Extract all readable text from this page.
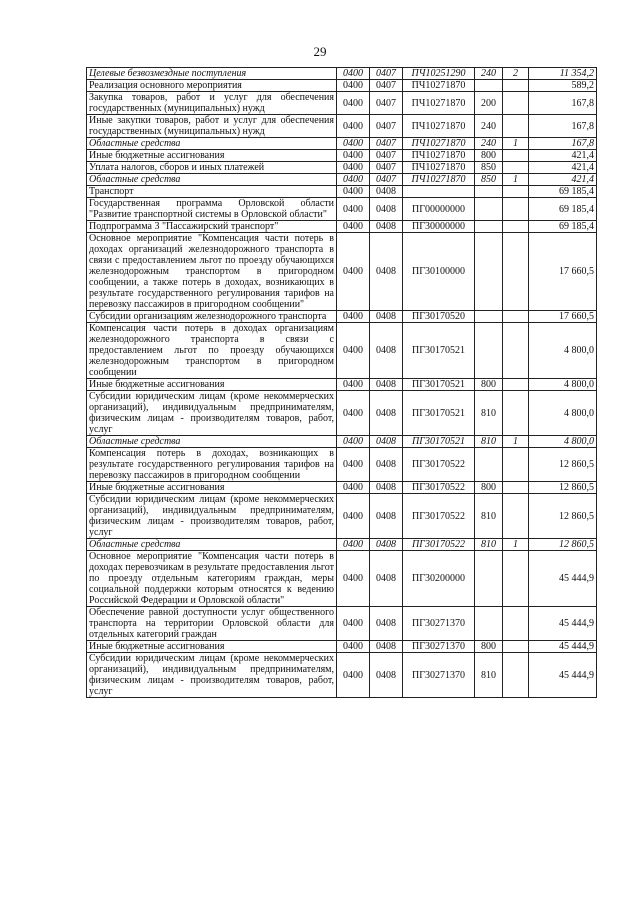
29
Целевые безвозмездные поступления	0400	0407	ПЧ10251290	240	2	11 354,2
Реализация основного мероприятия	0400	0407	ПЧ10271870			589,2
Закупка товаров, работ и услуг для обеспечения государственных (муниципальных) нужд	0400	0407	ПЧ10271870	200		167,8
Иные закупки товаров, работ и услуг для обеспечения государственных (муниципальных) нужд	0400	0407	ПЧ10271870	240		167,8
Областные средства	0400	0407	ПЧ10271870	240	1	167,8
Иные бюджетные ассигнования	0400	0407	ПЧ10271870	800		421,4
Уплата налогов, сборов и иных платежей	0400	0407	ПЧ10271870	850		421,4
Областные средства	0400	0407	ПЧ10271870	850	1	421,4
Транспорт	0400	0408				69 185,4
Государственная программа Орловской области "Развитие транспортной системы в Орловской области"	0400	0408	ПГ00000000			69 185,4
Подпрограмма 3 "Пассажирский транспорт"	0400	0408	ПГ30000000			69 185,4
Основное мероприятие "Компенсация части потерь в доходах организаций железнодорожного транспорта в связи с предоставлением льгот по проезду обучающихся железнодорожным транспортом в пригородном сообщении, а также потерь в доходах, возникающих в результате государственного регулирования тарифов на перевозку пассажиров в пригородном сообщении"	0400	0408	ПГ30100000			17 660,5
Субсидии организациям железнодорожного транспорта	0400	0408	ПГ30170520			17 660,5
Компенсация части потерь в доходах организациям железнодорожного транспорта в связи с предоставлением льгот по проезду обучающихся железнодорожным транспортом в пригородном сообщении	0400	0408	ПГ30170521			4 800,0
Иные бюджетные ассигнования	0400	0408	ПГ30170521	800		4 800,0
Субсидии юридическим лицам (кроме некоммерческих организаций), индивидуальным предпринимателям, физическим лицам - производителям товаров, работ, услуг	0400	0408	ПГ30170521	810		4 800,0
Областные средства	0400	0408	ПГ30170521	810	1	4 800,0
Компенсация потерь в доходах, возникающих в результате государственного регулирования тарифов на перевозку пассажиров в пригородном сообщении	0400	0408	ПГ30170522			12 860,5
Иные бюджетные ассигнования	0400	0408	ПГ30170522	800		12 860,5
Субсидии юридическим лицам (кроме некоммерческих организаций), индивидуальным предпринимателям, физическим лицам - производителям товаров, работ, услуг	0400	0408	ПГ30170522	810		12 860,5
Областные средства	0400	0408	ПГ30170522	810	1	12 860,5
Основное мероприятие "Компенсация части потерь в доходах перевозчикам в результате предоставления льгот по проезду отдельным категориям граждан, меры социальной поддержки которым относятся к ведению Российской Федерации и Орловской области"	0400	0408	ПГ30200000			45 444,9
Обеспечение равной доступности услуг общественного транспорта на территории Орловской области для отдельных категорий граждан	0400	0408	ПГ30271370			45 444,9
Иные бюджетные ассигнования	0400	0408	ПГ30271370	800		45 444,9
Субсидии юридическим лицам (кроме некоммерческих организаций), индивидуальным предпринимателям, физическим лицам - производителям товаров, работ, услуг	0400	0408	ПГ30271370	810		45 444,9
